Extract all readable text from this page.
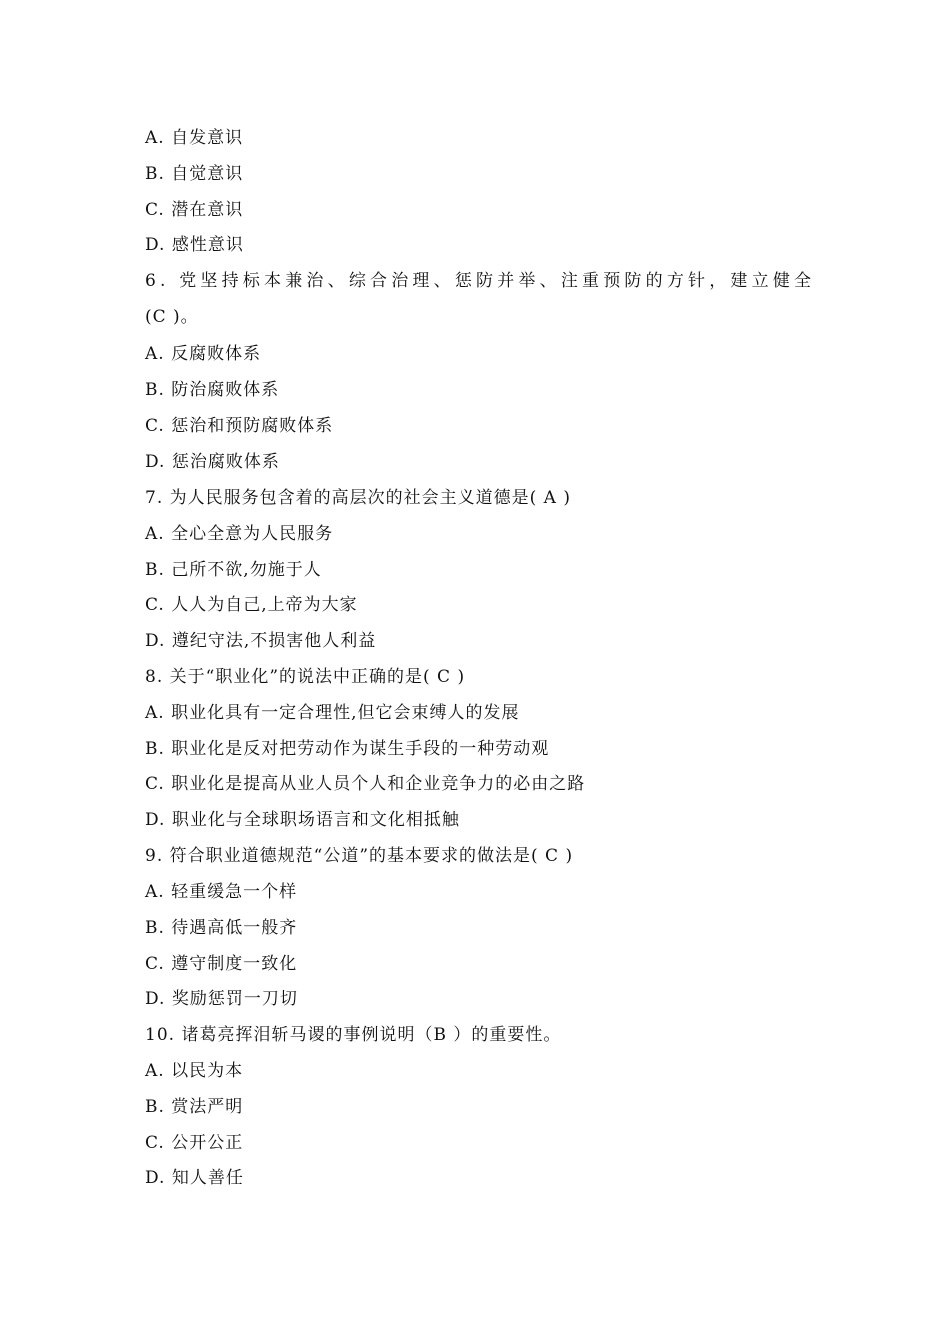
A. 自发意识
B. 自觉意识
C. 潜在意识
D. 感性意识
6. 党坚持标本兼治、综合治理、惩防并举、注重预防的方针，建立健全
(C )。
A. 反腐败体系
B. 防治腐败体系
C. 惩治和预防腐败体系
D. 惩治腐败体系
7. 为人民服务包含着的高层次的社会主义道德是( A )
A. 全心全意为人民服务
B. 己所不欲,勿施于人
C. 人人为自己,上帝为大家
D. 遵纪守法,不损害他人利益
8. 关于“职业化”的说法中正确的是( C )
A. 职业化具有一定合理性,但它会束缚人的发展
B. 职业化是反对把劳动作为谋生手段的一种劳动观
C. 职业化是提高从业人员个人和企业竞争力的必由之路
D. 职业化与全球职场语言和文化相抵触
9. 符合职业道德规范“公道”的基本要求的做法是( C )
A. 轻重缓急一个样
B. 待遇高低一般齐
C. 遵守制度一致化
D. 奖励惩罚一刀切
10. 诸葛亮挥泪斩马谡的事例说明（B ）的重要性。
A. 以民为本
B. 赏法严明
C. 公开公正
D. 知人善任
